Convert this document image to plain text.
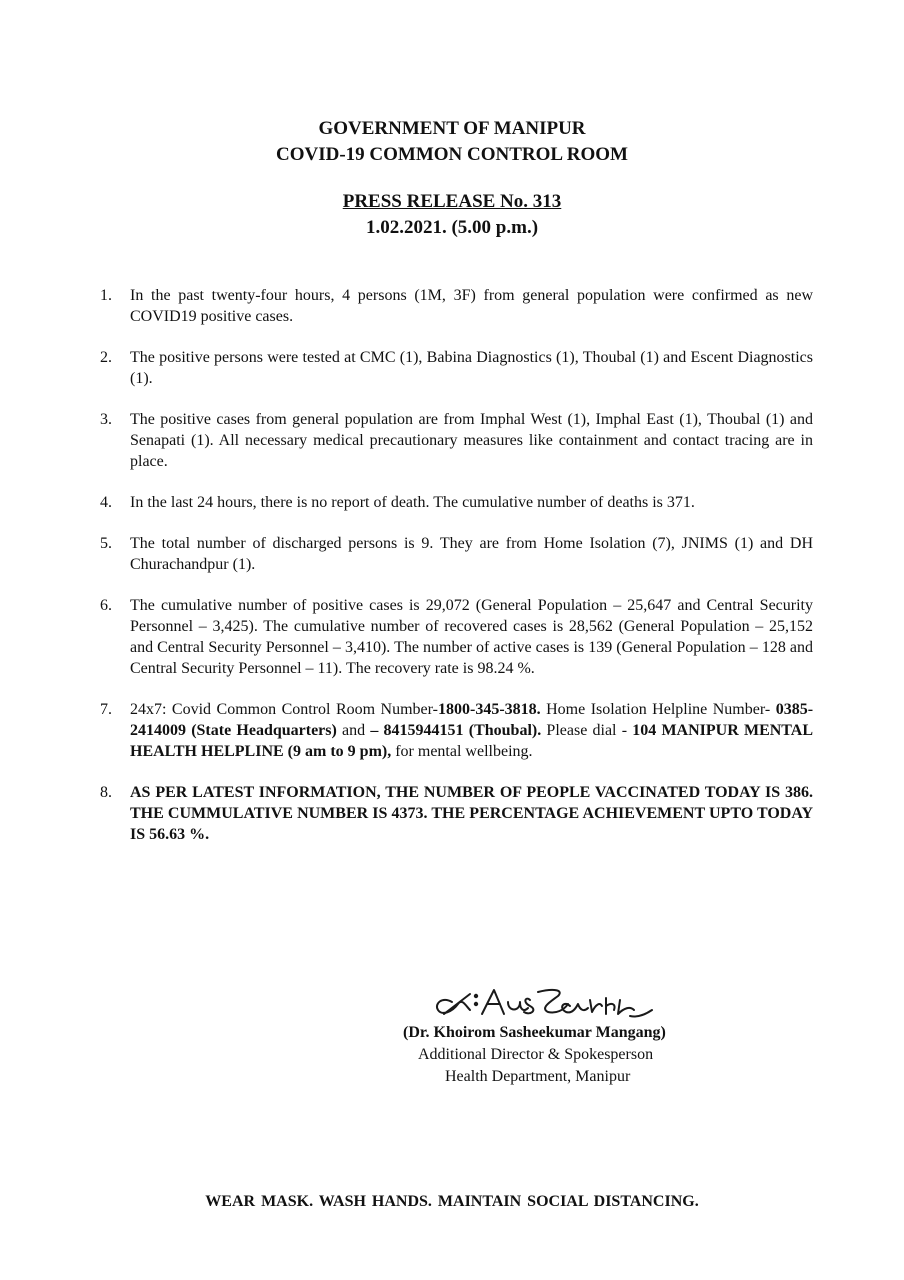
GOVERNMENT OF MANIPUR
COVID-19 COMMON CONTROL ROOM
PRESS RELEASE No. 313
1.02.2021. (5.00 p.m.)
1.	In the past twenty-four hours, 4 persons (1M, 3F) from general population were confirmed as new COVID19 positive cases.
2.	The positive persons were tested at CMC (1), Babina Diagnostics (1), Thoubal (1) and Escent Diagnostics (1).
3.	The positive cases from general population are from Imphal West (1), Imphal East (1), Thoubal (1) and Senapati (1). All necessary medical precautionary measures like containment and contact tracing are in place.
4.	In the last 24 hours, there is no report of death. The cumulative number of deaths is 371.
5.	The total number of discharged persons is 9. They are from Home Isolation (7), JNIMS (1) and DH Churachandpur (1).
6.	The cumulative number of positive cases is 29,072 (General Population – 25,647 and Central Security Personnel – 3,425). The cumulative number of recovered cases is 28,562 (General Population – 25,152 and Central Security Personnel – 3,410). The number of active cases is 139 (General Population – 128 and Central Security Personnel – 11). The recovery rate is 98.24 %.
7.	24x7: Covid Common Control Room Number-1800-345-3818. Home Isolation Helpline Number- 0385-2414009 (State Headquarters) and – 8415944151 (Thoubal). Please dial - 104 MANIPUR MENTAL HEALTH HELPLINE (9 am to 9 pm), for mental wellbeing.
8.	AS PER LATEST INFORMATION, THE NUMBER OF PEOPLE VACCINATED TODAY IS 386. THE CUMMULATIVE NUMBER IS 4373. THE PERCENTAGE ACHIEVEMENT UPTO TODAY IS 56.63 %.
(Dr. Khoirom Sasheekumar Mangang)
Additional Director & Spokesperson
Health Department, Manipur
WEAR MASK. WASH HANDS. MAINTAIN SOCIAL DISTANCING.
